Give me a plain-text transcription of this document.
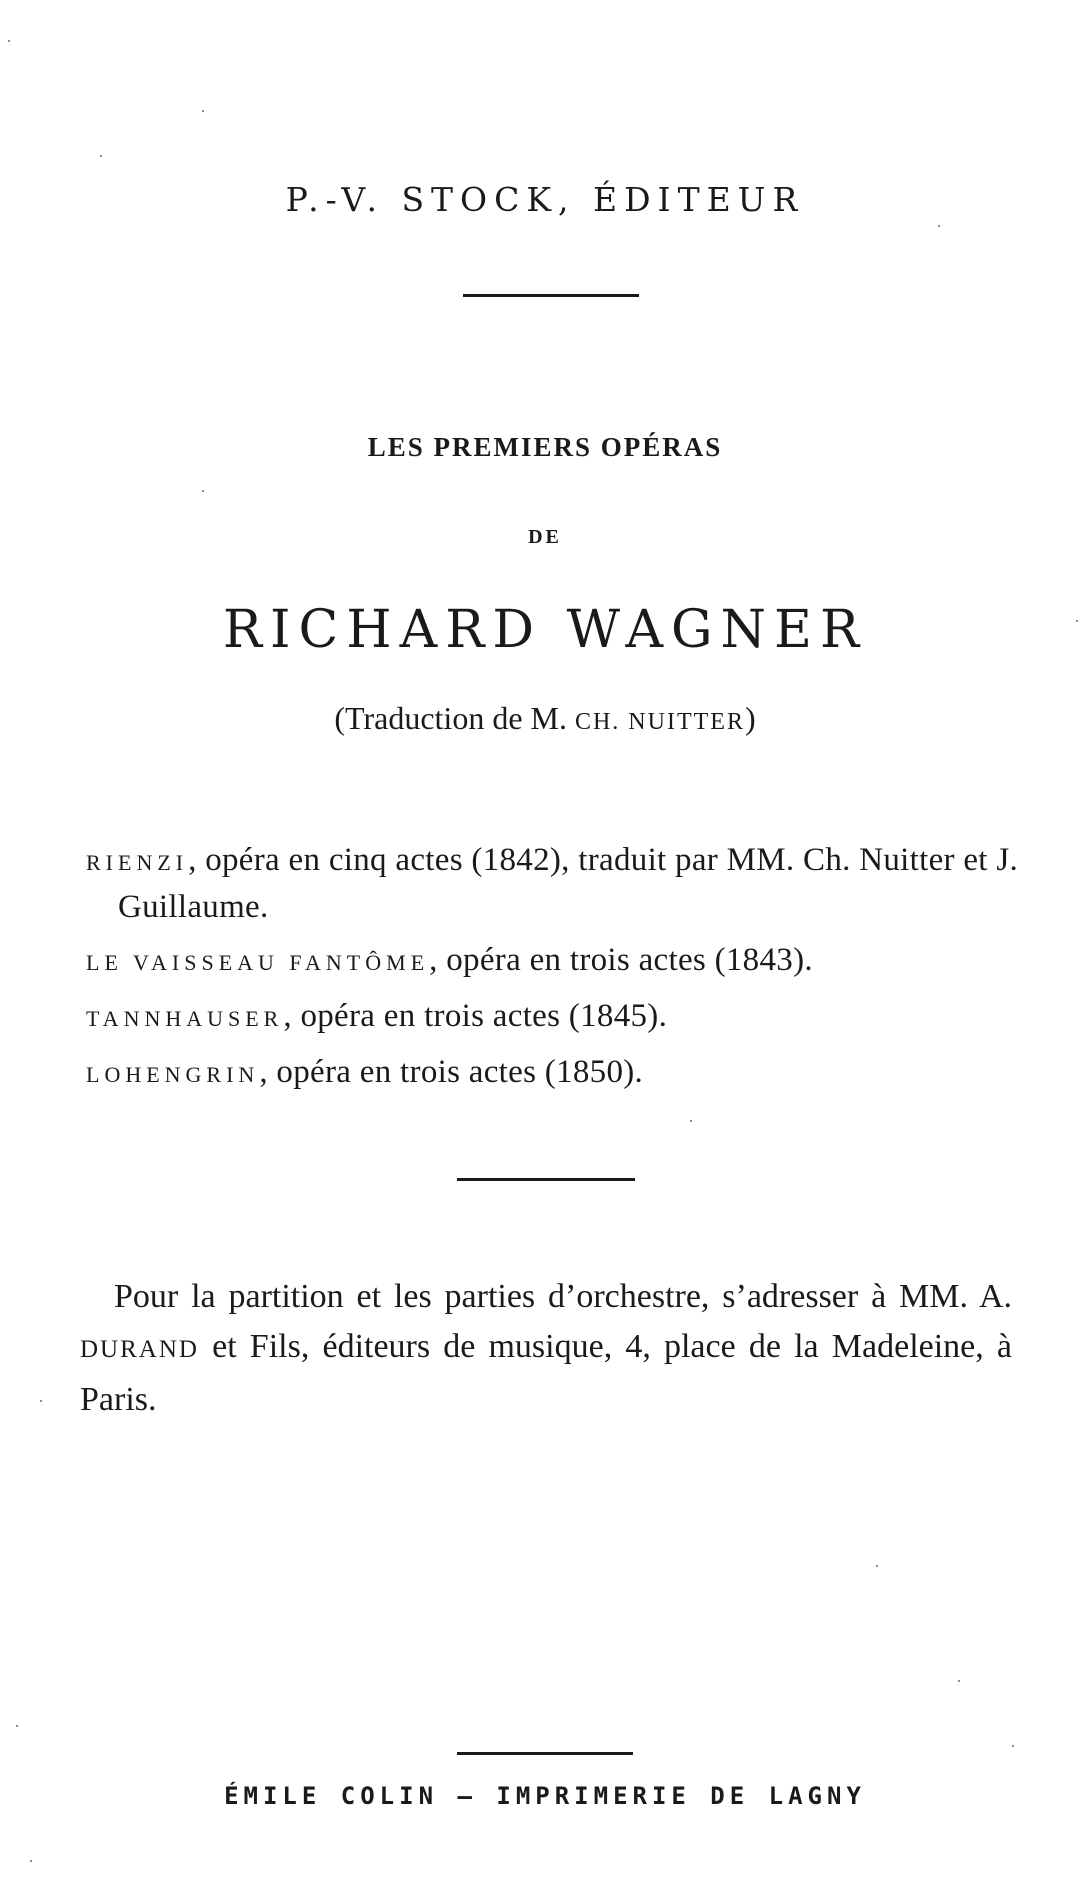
P.-V. STOCK, ÉDITEUR
LES PREMIERS OPÉRAS
DE
RICHARD WAGNER
(Traduction de M. CH. NUITTER)
RIENZI, opéra en cinq actes (1842), traduit par MM. Ch. Nuitter et J. Guillaume.
LE VAISSEAU FANTÔME, opéra en trois actes (1843).
TANNHAUSER, opéra en trois actes (1845).
LOHENGRIN, opéra en trois actes (1850).
Pour la partition et les parties d’orchestre, s’adresser à MM. A. DURAND et Fils, éditeurs de musique, 4, place de la Madeleine, à Paris.
ÉMILE COLIN — IMPRIMERIE DE LAGNY
